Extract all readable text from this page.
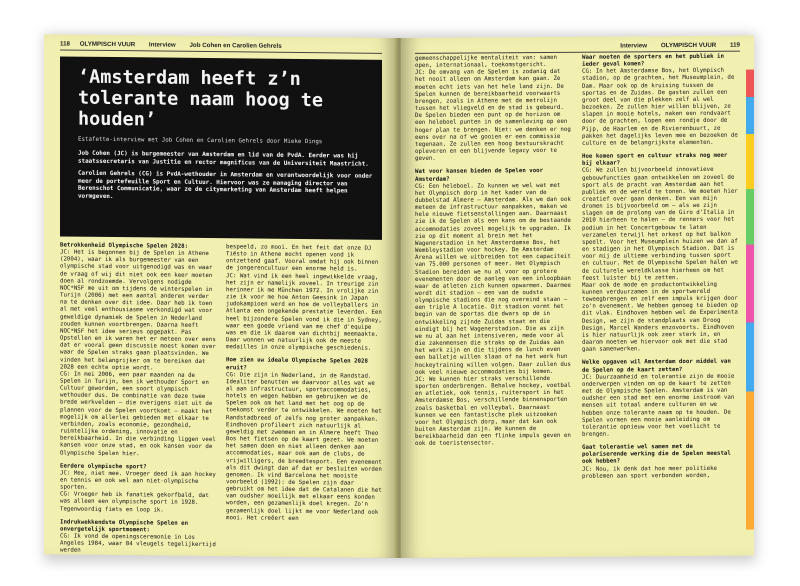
118 OLYMPISCH VUUR Interview Job Cohen en Carolien Gehrels
‘Amsterdam heeft z’n tolerante naam hoog te houden’
Estafette-interview met Job Cohen en Carolien Gehrels door Mieke Dings

Job Cohen (JC) is burgemeester van Amsterdam en lid van de PvdA. Eerder was hij staatssecretaris van Justitie en rector magnificus van de Universiteit Maastricht.

Carolien Gehrels (CG) is PvdA-wethouder in Amsterdam en verantwoordelijk voor onder meer de portefeuille Sport en Cultuur. Hiervoor was ze managing director van Berenschot Communicatie, waar ze de citymarketing van Amsterdam heeft helpen vormgeven.

Betrokkenheid Olympische Spelen 2028:

JC: Het is begonnen bij de Spelen in Athene (2004), waar ik als burgemeester van een olympische stad voor uitgenodigd was en waar de vraag of wij dit niet ook een keer moeten doen al rondzoemde. Vervolgens nodigde NOC*NSF me uit om tijdens de winterspelen in Turijn (2006) met een aantal anderen verder na te denken over dit idee. Daar heb ik toen al met veel enthousiasme verkondigd wat voor geweldige dynamiek de Spelen in Nederland zouden kunnen voortbrengen. Daarna heeft NOC*NSF het idee serieus opgepakt. Pas Opstellen en ik waren het er meteen over eens dat er vooral geen discussie moest komen over waar de Spelen straks gaan plaatsvinden. We vinden het belangrijker om te bereiken dat 2028 een echte optie wordt.

CG: In mei 2006, een paar maanden na de Spelen in Turijn, ben ik wethouder Sport en Cultuur geworden, een soort olympisch wethouder dus. De combinatie van deze twee brede werkvelden – die overigens niet uit de plannen voor de Spelen voortkomt – maakt het mogelijk om allerlei gebieden met elkaar te verbinden, zoals economie, gezondheid, ruimtelijke ordening, innovatie en bereikbaarheid. In die verbinding liggen veel kansen voor onze stad, en ook kansen voor de Olympische Spelen hier.

Eerdere olympische sport?

JC: Mee, niet mee. Vroeger deed ik aan hockey en tennis en ook wel aan niet-olympische sporten.

CG: Vroeger heb ik fanatiek gekorfbald, dat was alleen een olympische sport in 1928. Tegenwoordig fiets en loop ik.

Indrukwekkendste Olympische Spelen en onvergetelijk sportmoment:

CG: Ik vond de openingsceremonie in Los Angeles 1984, waar 84 vleugels tegelijkertijd werden

bespeeld, zo mooi. En het feit dat onze DJ Tiësto in Athene mocht openen vond ik ontzettend gaaf. Vooral omdat hij ook binnen de jongerencultuur een enorme held is.

JC: Wat vind ik een heel ingewikkelde vraag, het zijn er namelijk zoveel. In treurige zin herinner ik me München 1972. In vrolijke zin zie ik voor me hoe Anton Geesink in Japan judokampioen werd en hoe de volleyballers in Atlanta een ongekende prestatie leverden. Een heel bijzondere Spelen vond ik die in Sydney, waar een goede vriend van me chef d'equipe was en die ik daarom van dichtbij meemaakte. Daar wonnen we natuurlijk ook de meeste medailles in onze olympische geschiedenis.

Hoe zien uw ideale Olympische Spelen 2028 eruit?

CG: Die zijn in Nederland, in de Randstad. Idealiter benutten we daarvoor alles wat we al aan infrastructuur, sportaccommodaties, hotels en wegen hebben en gebruiken we de Spelen ook om het land met het oog op de toekomst verder te ontwikkelen. We moeten het Randstadbreed of zelfs nog groter aanpakken. Eindhoven profileert zich natuurlijk al geweldig met zwemmen en in Almere heeft Theo Bos het fietsen op de kaart gezet. We moeten het samen doen en niet alleen denken aan accommodaties, maar ook aan de clubs, de vrijwilligers, de breedtesport. Een evenement als dit dwingt dan af dat er besluiten worden genomen. Ik vind Barcelona het mooiste voorbeeld (1992): de Spelen zijn daar gebruikt om het idee dat de Catalanen die het van oudsher moeilijk met elkaar eens konden worden, een gezamenlijk doel kregen. Zo'n gezamenlijk doel lijkt me voor Nederland ook mooi. Het creëert een

Interview OLYMPISCH VUUR 119

gemeenschappelijke mentaliteit van: samen open, internationaal, toekomstgericht.

JC: De omvang van de Spelen is zodanig dat het nooit alleen om Amsterdam kan gaan. Ze moeten echt iets van het hele land zijn. De Spelen kunnen de bereikbaarheid voorwaarts brengen, zoals in Athene met de metrolijn tussen het vliegveld en de stad is gebeurd. De Spelen bieden een punt op de horizon om een heleboel punten in de samenleving op een hoger plan te brengen. Niet: we denken er nog eens over na of we gooien er een commissie tegenaan. Ze zullen een hoog bestuurskracht opleveren en een blijvende legacy voor te geven.

Wat voor kansen bieden de Spelen voor Amsterdam?

CG: Een heleboel. Zo kunnen we wel wat met het Olympisch dorp in het kader van de dubbelstad Almere – Amsterdam. Als we dan ook meteen de infrastructuur aanpakken, maken we hele nieuwe fietsenstallingen aan. Daarnaast zie ik de Spelen als een kans om de bestaande accommodaties zoveel mogelijk te upgraden. Ik zie op dit moment al brein met het Wagenerstadion in het Amsterdamse Bos, het Wembleystadion voor hockey. De Amsterdam Arena willen we uitbreiden tot een capaciteit van 75.000 personen of meer. Het Olympisch Stadion bereiden we nu al voor op grotere evenementen door de aanleg van een inloopbaan waar de atleten zich kunnen opwarmen. Daarmee wordt dit stadion – een van de oudste olympische stadions die nog overeind staan – een triple A locatie. Dit stadion vormt het begin van de sportas die dwars op de in ontwikkeling zijnde Zuidas staat en die eindigt bij het Wagenerstadion. Die as zijn we nu al aan het intensiveren, mede voor al die zakenmensen die straks op de Zuidas aan het werk zijn en die tijdens de lunch even een balletje willen slaan of na het werk hun hockeytraining willen volgen. Daar zullen dus ook veel nieuwe accommodaties bij komen.

JC: We kunnen hier straks verschillende sporten onderbrengen. Behalve hockey, voetbal en atletiek, ook tennis, ruitersport in het Amsterdamse Bos, verschillende binnensporten zoals basketbal en volleybal. Daarnaast kunnen we een fantastische plek uitzoeken voor het Olympisch dorp, maar dat kan ook buiten Amsterdam zijn. We kunnen de bereikbaarheid dan een flinke impuls geven en ook de toeristensector.

Waar moeten de sporters en het publiek in ieder geval komen?

CG: In het Amsterdamse Bos, het Olympisch stadion, op de grachten, het Museumplein, de Dam. Maar ook op de kruising tussen de sportas en de Zuidas. De gasten zullen een groot deel van die plekken zelf al wel bezoeken. Ze zullen hier willen blijven, ze slapen in mooie hotels, naken een rondvaart door de grachten, lopen een rondje door de Pijp, de Haarlem en de Rivierenbuurt, ze pakken het dagelijks leven mee en bezoeken de culture en de belangrijkste elementen.

Hoe komen sport en cultuur straks nog meer bij elkaar?

CG: We zullen bijvoorbeeld innovatieve gebouwfuncties gaan ontwikkelen om zoveel de sport als de pracht van Amsterdam aan het publiek en de wereld te tonen. We moeten hier creatief over gaan denken. Een van mijn dromen is bijvoorbeeld om – als we zijn slagen om de prolong van de Giro d'Italia in 2010 hierheen te halen – de renners voor het podium in het Concertgebouw te laten verzamelen terwijl het orkest op het balkon speelt. Voor het Museumplein huizen we dan af en stadigen in het Olympisch Stadion. Dat is voor mij de ultieme verbinding tussen sport en cultuur. Met de Olympische Spelen halen we de culturele wereldklasse hierheen om het feest luister bij te zetten.

Maar ook de mode en productontwikkeling kunnen verduurzamen in de sportwereld teweegbrengen en zelf een impuls krijgen door zo'n evenement. We hebben genoeg te bieden op dit vlak. Eindhoven hebben wel de Experimenta Design, we zijn de standplaats van Droog Design, Marcel Wanders enzovoorts. Eindhoven is hier natuurlijk ook zeer sterk in, en daarom moeten we hiervoor ook met die stad gaan samenwerken.

Welke opgaven wil Amsterdam door middel van de Spelen op de kaart zetten?

JC: Duurzaamheid en tolerantie zijn de mooie onderwerpen vinden om op de kaart te zetten met de Olympische Spelen. Amsterdam is van oudsher een stad met een enorme instroom van mensen uit totaal andere culturen en we hebben onze tolerante naam op te houden. De Spelen vormen een mooie aanleiding om tolerantie opnieuw voor het voetlicht te brengen.

Gaat tolerantie wel samen met de polariserende werking die de Spelen meestal ook hebben?

JC: Nou, ik denk dat hoe meer politieke problemen aan sport verbonden worden,
